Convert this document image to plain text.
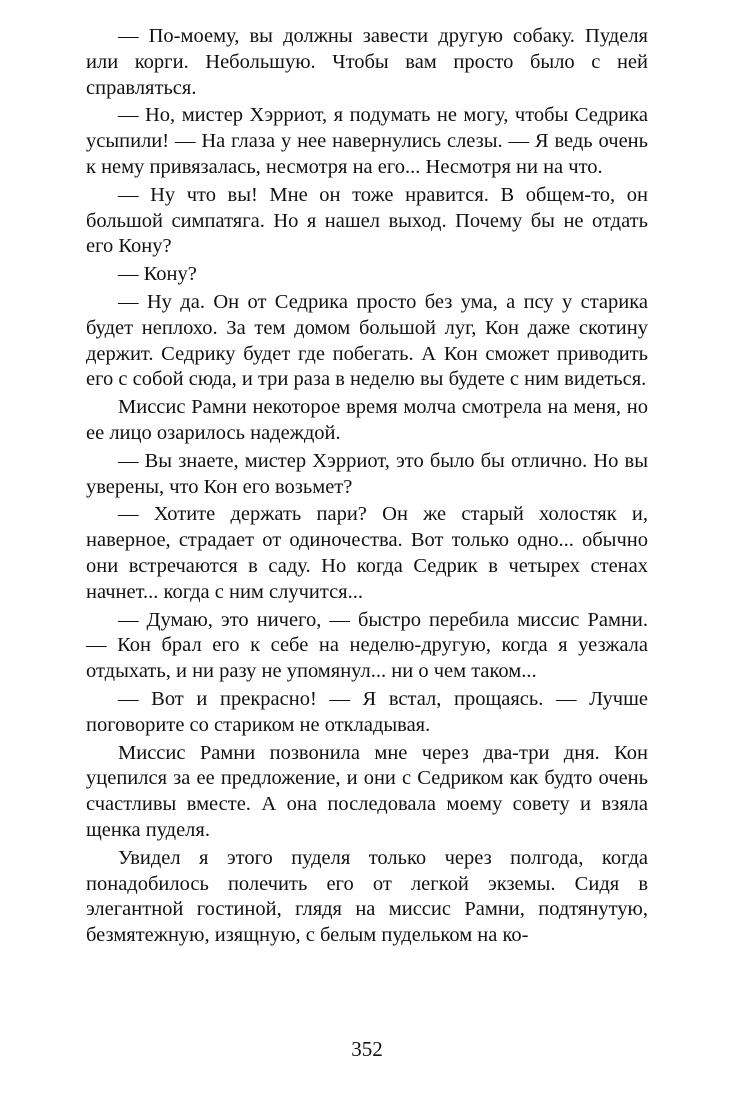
— По-моему, вы должны завести другую собаку. Пуделя или корги. Небольшую. Чтобы вам просто было с ней справляться.

— Но, мистер Хэрриот, я подумать не могу, чтобы Седрика усыпили! — На глаза у нее навернулись слезы. — Я ведь очень к нему привязалась, несмотря на его... Несмотря ни на что.

— Ну что вы! Мне он тоже нравится. В общем-то, он большой симпатяга. Но я нашел выход. Почему бы не отдать его Кону?

— Кону?

— Ну да. Он от Седрика просто без ума, а псу у старика будет неплохо. За тем домом большой луг, Кон даже скотину держит. Седрику будет где побегать. А Кон сможет приводить его с собой сюда, и три раза в неделю вы будете с ним видеться.

Миссис Рамни некоторое время молча смотрела на меня, но ее лицо озарилось надеждой.

— Вы знаете, мистер Хэрриот, это было бы отлично. Но вы уверены, что Кон его возьмет?

— Хотите держать пари? Он же старый холостяк и, наверное, страдает от одиночества. Вот только одно... обычно они встречаются в саду. Но когда Седрик в четырех стенах начнет... когда с ним случится...

— Думаю, это ничего, — быстро перебила миссис Рамни. — Кон брал его к себе на неделю-другую, когда я уезжала отдыхать, и ни разу не упомянул... ни о чем таком...

— Вот и прекрасно! — Я встал, прощаясь. — Лучше поговорите со стариком не откладывая.

Миссис Рамни позвонила мне через два-три дня. Кон уцепился за ее предложение, и они с Седриком как будто очень счастливы вместе. А она последовала моему совету и взяла щенка пуделя.

Увидел я этого пуделя только через полгода, когда понадобилось полечить его от легкой экземы. Сидя в элегантной гостиной, глядя на миссис Рамни, подтянутую, безмятежную, изящную, с белым пудельком на ко-

352
